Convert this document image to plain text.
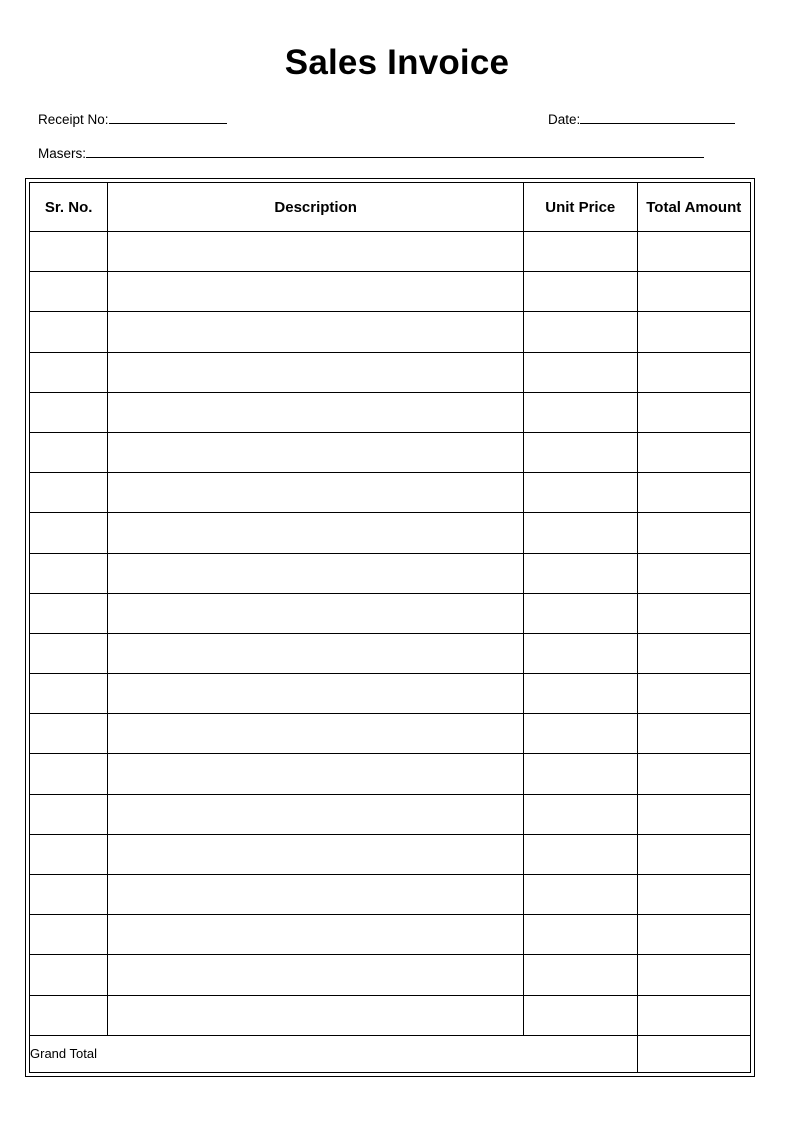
Sales Invoice
Receipt No:	Date:
Masers:
Sr. No.	Description	Unit Price	Total Amount

Grand Total			
